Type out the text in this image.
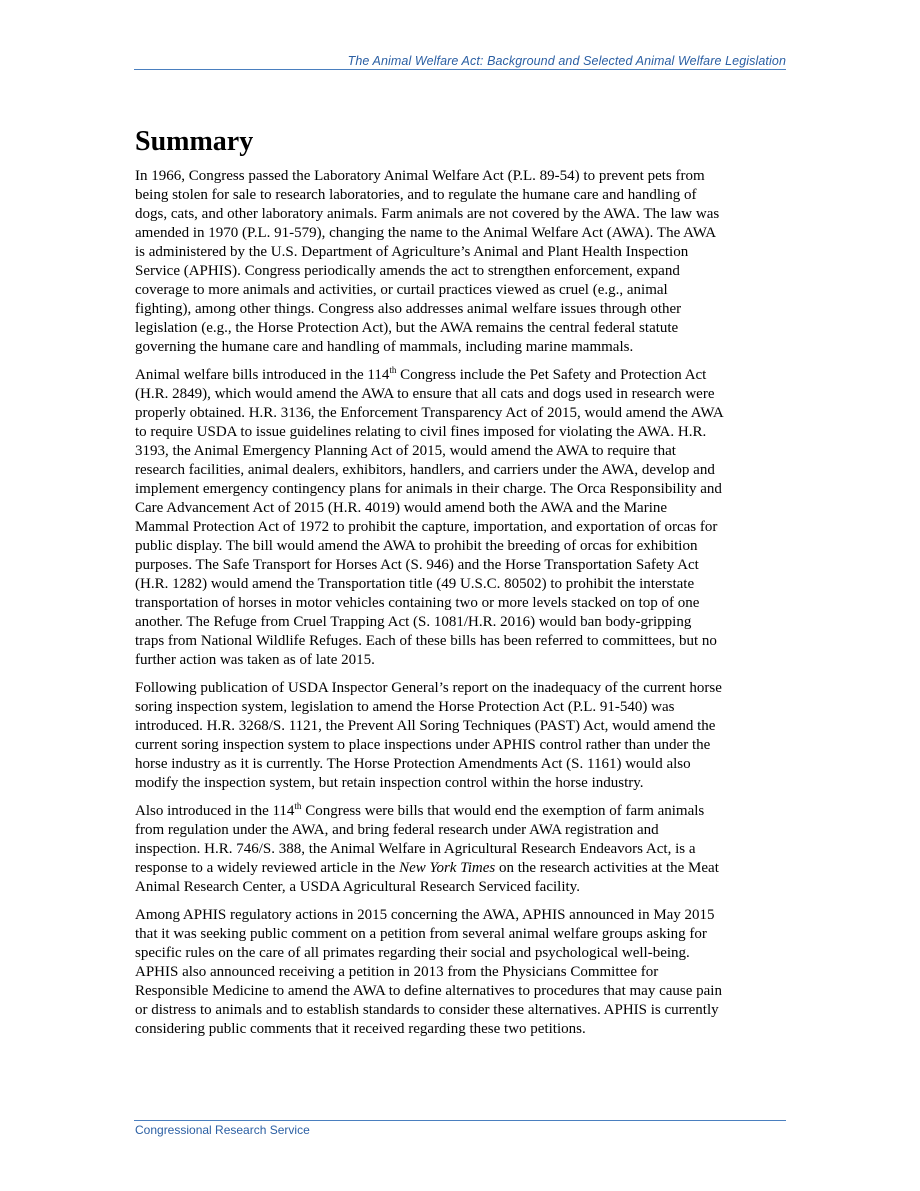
The Animal Welfare Act: Background and Selected Animal Welfare Legislation
Summary

In 1966, Congress passed the Laboratory Animal Welfare Act (P.L. 89-54) to prevent pets from
being stolen for sale to research laboratories, and to regulate the humane care and handling of
dogs, cats, and other laboratory animals. Farm animals are not covered by the AWA. The law was
amended in 1970 (P.L. 91-579), changing the name to the Animal Welfare Act (AWA). The AWA
is administered by the U.S. Department of Agriculture’s Animal and Plant Health Inspection
Service (APHIS). Congress periodically amends the act to strengthen enforcement, expand
coverage to more animals and activities, or curtail practices viewed as cruel (e.g., animal
fighting), among other things. Congress also addresses animal welfare issues through other
legislation (e.g., the Horse Protection Act), but the AWA remains the central federal statute
governing the humane care and handling of mammals, including marine mammals.

Animal welfare bills introduced in the 114th Congress include the Pet Safety and Protection Act
(H.R. 2849), which would amend the AWA to ensure that all cats and dogs used in research were
properly obtained. H.R. 3136, the Enforcement Transparency Act of 2015, would amend the AWA
to require USDA to issue guidelines relating to civil fines imposed for violating the AWA. H.R.
3193, the Animal Emergency Planning Act of 2015, would amend the AWA to require that
research facilities, animal dealers, exhibitors, handlers, and carriers under the AWA, develop and
implement emergency contingency plans for animals in their charge. The Orca Responsibility and
Care Advancement Act of 2015 (H.R. 4019) would amend both the AWA and the Marine
Mammal Protection Act of 1972 to prohibit the capture, importation, and exportation of orcas for
public display. The bill would amend the AWA to prohibit the breeding of orcas for exhibition
purposes. The Safe Transport for Horses Act (S. 946) and the Horse Transportation Safety Act
(H.R. 1282) would amend the Transportation title (49 U.S.C. 80502) to prohibit the interstate
transportation of horses in motor vehicles containing two or more levels stacked on top of one
another. The Refuge from Cruel Trapping Act (S. 1081/H.R. 2016) would ban body-gripping
traps from National Wildlife Refuges. Each of these bills has been referred to committees, but no
further action was taken as of late 2015.

Following publication of USDA Inspector General’s report on the inadequacy of the current horse
soring inspection system, legislation to amend the Horse Protection Act (P.L. 91-540) was
introduced. H.R. 3268/S. 1121, the Prevent All Soring Techniques (PAST) Act, would amend the
current soring inspection system to place inspections under APHIS control rather than under the
horse industry as it is currently. The Horse Protection Amendments Act (S. 1161) would also
modify the inspection system, but retain inspection control within the horse industry.

Also introduced in the 114th Congress were bills that would end the exemption of farm animals
from regulation under the AWA, and bring federal research under AWA registration and
inspection. H.R. 746/S. 388, the Animal Welfare in Agricultural Research Endeavors Act, is a
response to a widely reviewed article in the New York Times on the research activities at the Meat
Animal Research Center, a USDA Agricultural Research Serviced facility.

Among APHIS regulatory actions in 2015 concerning the AWA, APHIS announced in May 2015
that it was seeking public comment on a petition from several animal welfare groups asking for
specific rules on the care of all primates regarding their social and psychological well-being.
APHIS also announced receiving a petition in 2013 from the Physicians Committee for
Responsible Medicine to amend the AWA to define alternatives to procedures that may cause pain
or distress to animals and to establish standards to consider these alternatives. APHIS is currently
considering public comments that it received regarding these two petitions.

Congressional Research Service
